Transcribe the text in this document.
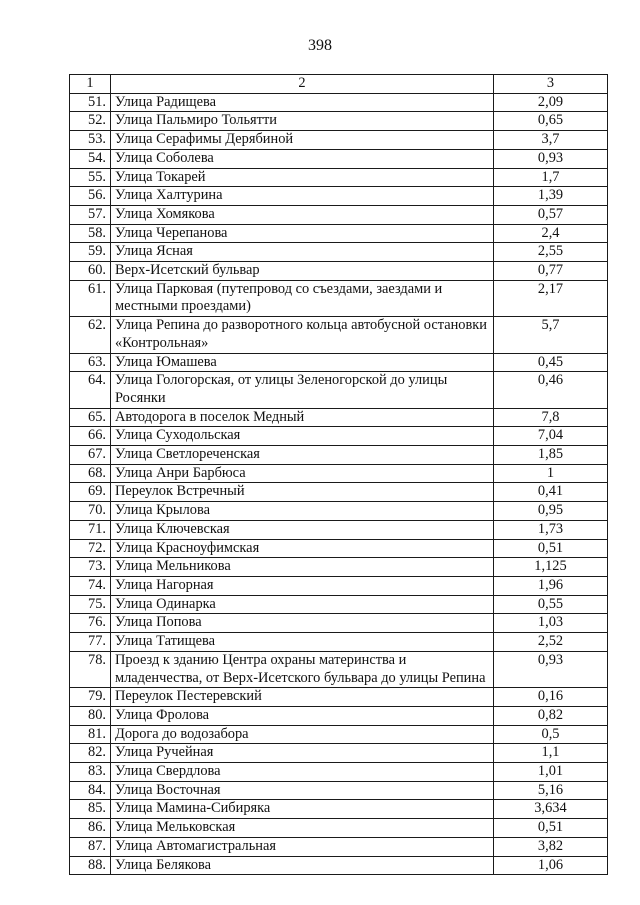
398
1	2	3
51.	Улица Радищева	2,09
52.	Улица Пальмиро Тольятти	0,65
53.	Улица Серафимы Дерябиной	3,7
54.	Улица Соболева	0,93
55.	Улица Токарей	1,7
56.	Улица Халтурина	1,39
57.	Улица Хомякова	0,57
58.	Улица Черепанова	2,4
59.	Улица Ясная	2,55
60.	Верх-Исетский бульвар	0,77
61.	Улица Парковая (путепровод со съездами, заездами и местными проездами)	2,17
62.	Улица Репина до разворотного кольца автобусной остановки «Контрольная»	5,7
63.	Улица Юмашева	0,45
64.	Улица Гологорская, от улицы Зеленогорской до улицы Росянки	0,46
65.	Автодорога в поселок Медный	7,8
66.	Улица Суходольская	7,04
67.	Улица Светлореченская	1,85
68.	Улица Анри Барбюса	1
69.	Переулок Встречный	0,41
70.	Улица Крылова	0,95
71.	Улица Ключевская	1,73
72.	Улица Красноуфимская	0,51
73.	Улица Мельникова	1,125
74.	Улица Нагорная	1,96
75.	Улица Одинарка	0,55
76.	Улица Попова	1,03
77.	Улица Татищева	2,52
78.	Проезд к зданию Центра охраны материнства и младенчества, от Верх-Исетского бульвара до улицы Репина	0,93
79.	Переулок Пестеревский	0,16
80.	Улица Фролова	0,82
81.	Дорога до водозабора	0,5
82.	Улица Ручейная	1,1
83.	Улица Свердлова	1,01
84.	Улица Восточная	5,16
85.	Улица Мамина-Сибиряка	3,634
86.	Улица Мельковская	0,51
87.	Улица Автомагистральная	3,82
88.	Улица Белякова	1,06
